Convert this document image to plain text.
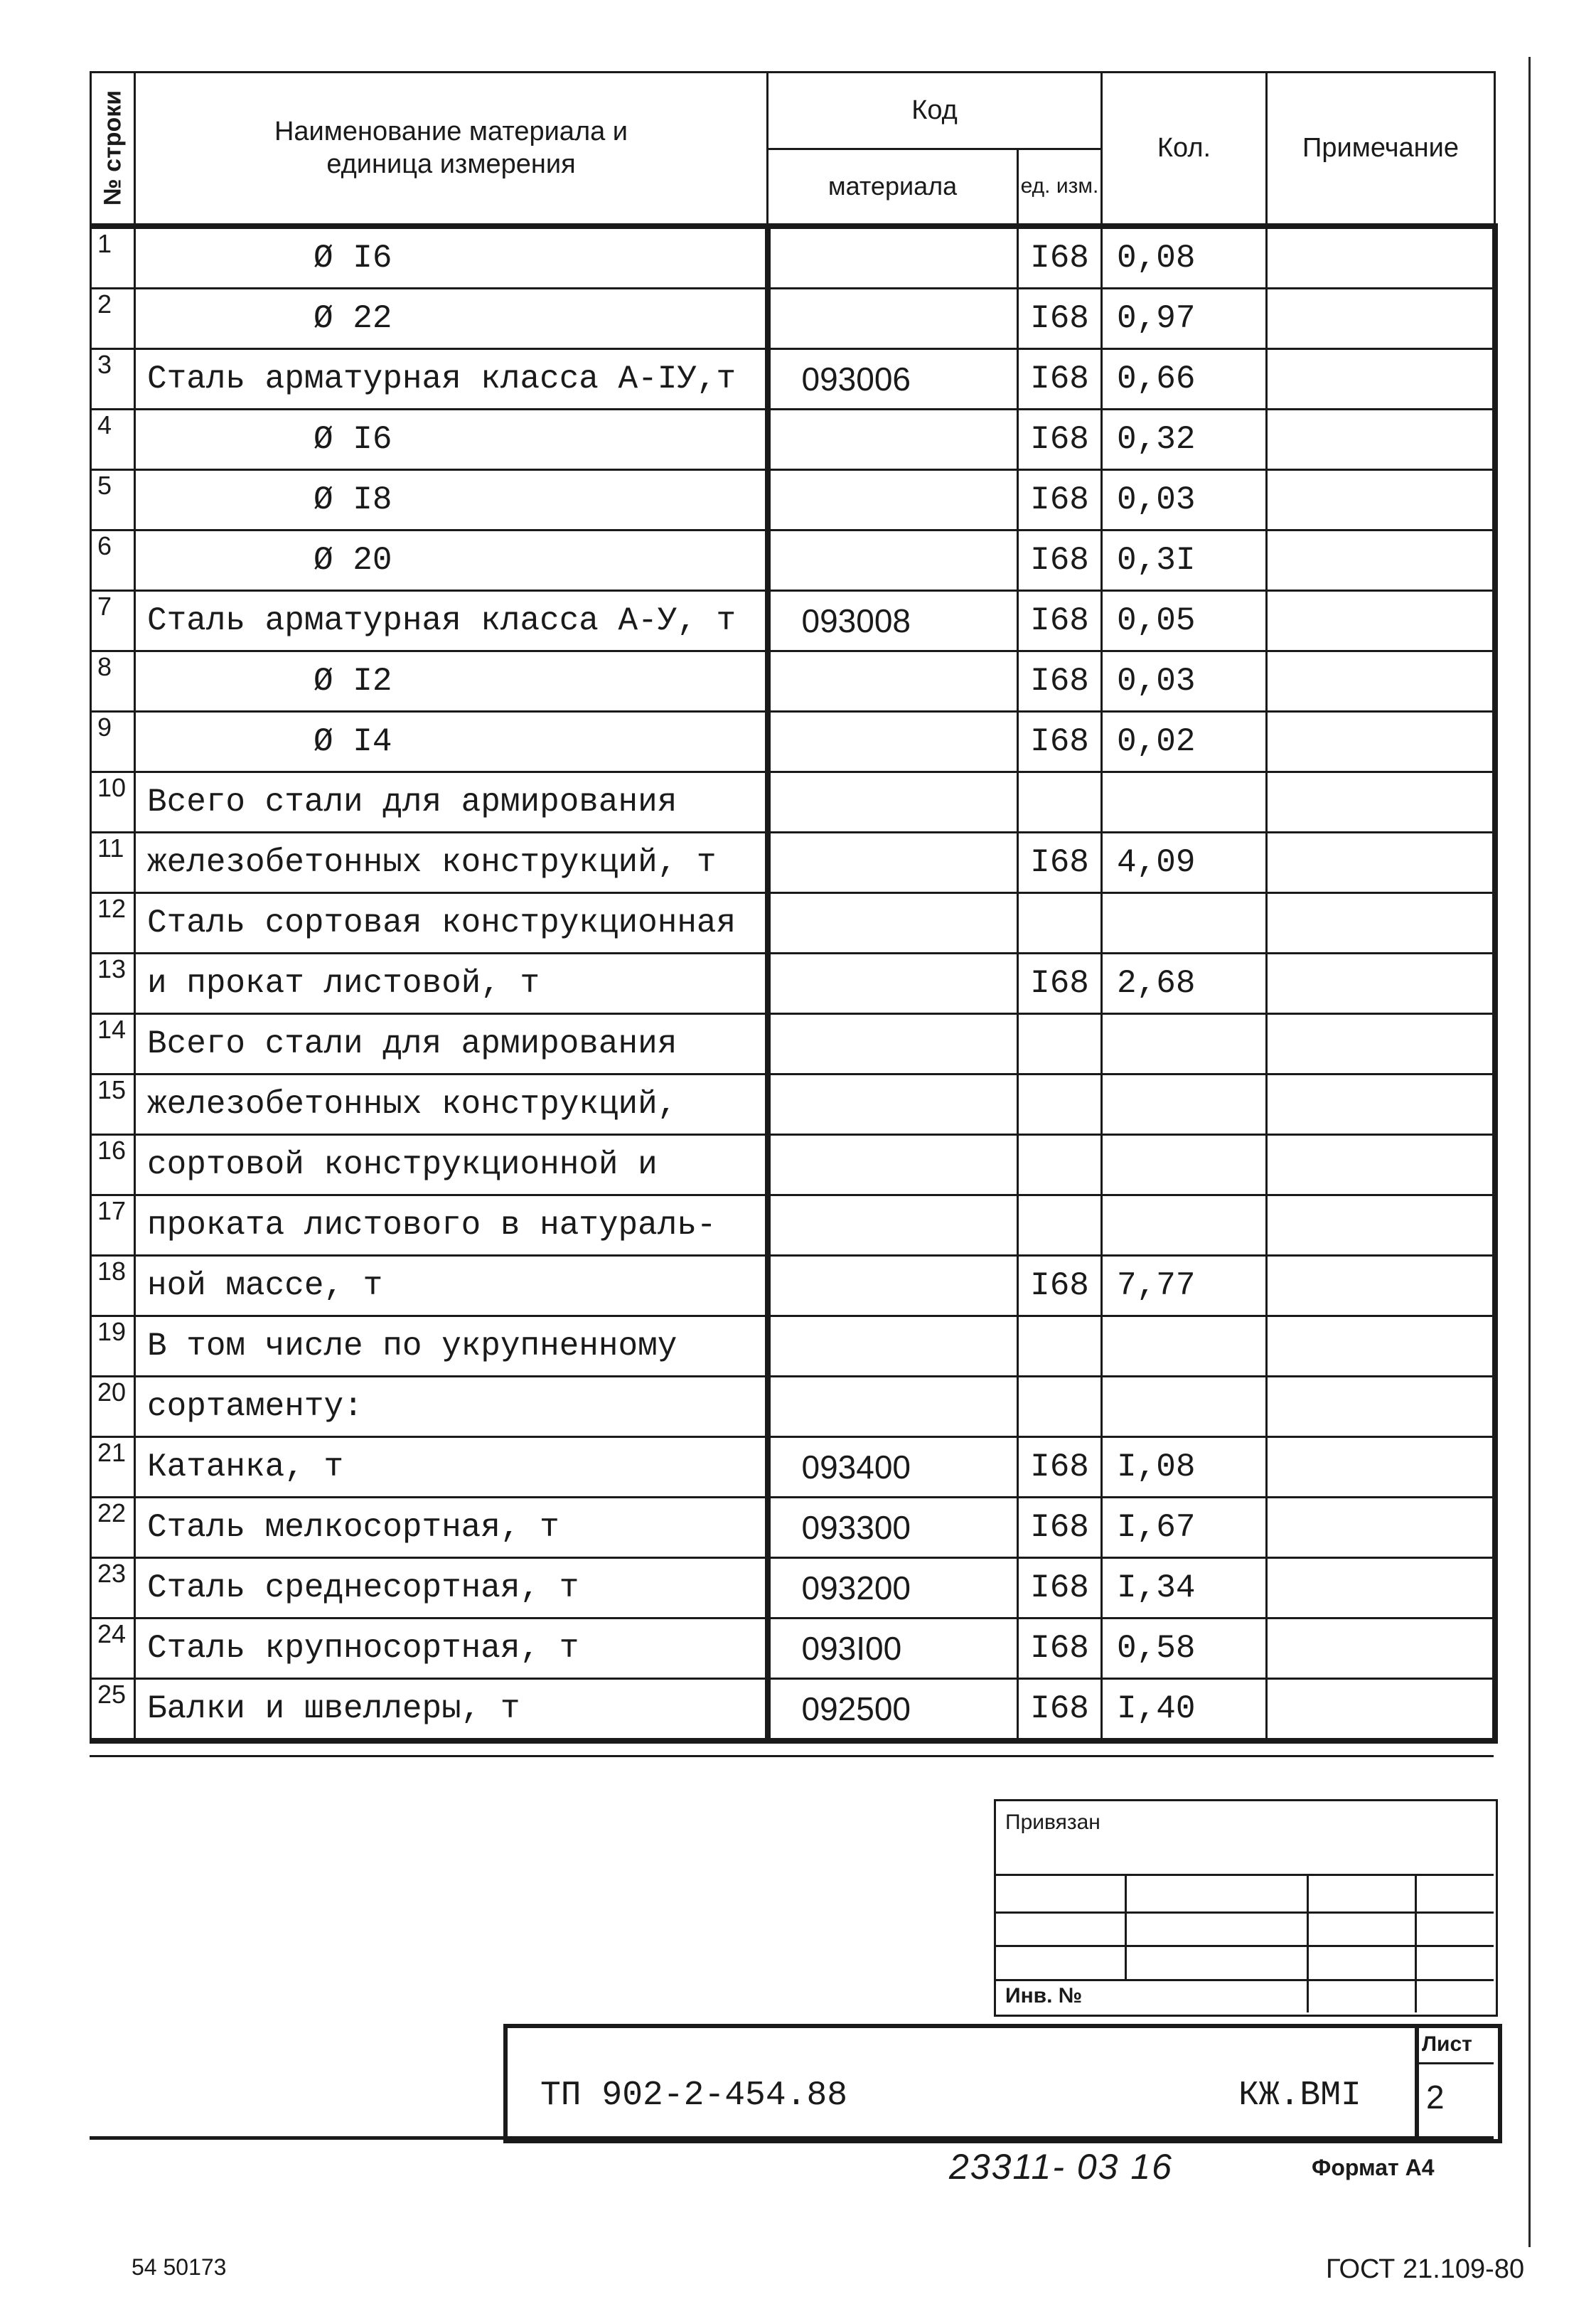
№ строки	Наименование материала и единица измерения	Код		Кол.	Примечание
		материала	ед. изм.		
1	Ø I6		I68	0,08	
2	Ø 22		I68	0,97	
3	Сталь арматурная класса А-IУ,т	093006	I68	0,66	
4	Ø I6		I68	0,32	
5	Ø I8		I68	0,03	
6	Ø 20		I68	0,3I	
7	Сталь арматурная класса А-У, т	093008	I68	0,05	
8	Ø I2		I68	0,03	
9	Ø I4		I68	0,02	
10	Всего стали для армирования				
11	железобетонных конструкций, т		I68	4,09	
12	Сталь сортовая конструкционная				
13	и прокат листовой, т		I68	2,68	
14	Всего стали для армирования				
15	железобетонных конструкций,				
16	сортовой конструкционной и				
17	проката листового в натураль-				
18	ной массе, т		I68	7,77	
19	В том числе по укрупненному				
20	сортаменту:				
21	Катанка, т	093400	I68	I,08	
22	Сталь мелкосортная, т	093300	I68	I,67	
23	Сталь среднесортная, т	093200	I68	I,34	
24	Сталь крупносортная, т	093I00	I68	0,58	
25	Балки и швеллеры, т	092500	I68	I,40	
Привязан
Инв. №
ТП 902-2-454.88	КЖ.ВМI
Лист
2
23311- 03 16	Формат А4
54 50173	ГОСТ 21.109-80
